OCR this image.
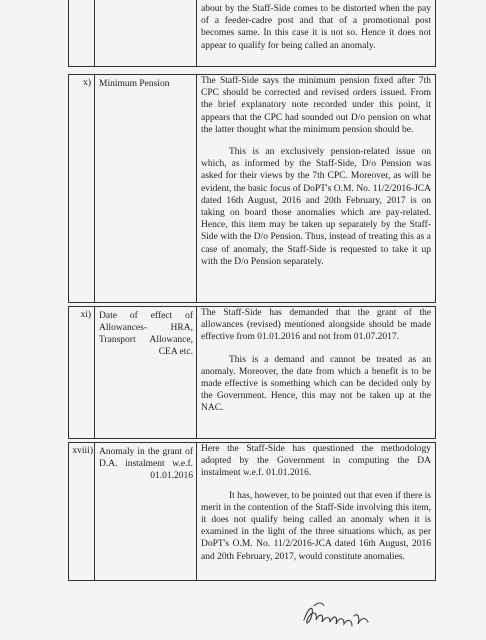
about by the Staff-Side comes to be distorted when the pay of a feeder-cadre post and that of a promotional post becomes same. In this case it is not so. Hence it does not appear to qualify for being called an anomaly.

x) Minimum Pension	The Staff-Side says the minimum pension fixed after 7th CPC should be corrected and revised orders issued. From the brief explanatory note recorded under this point, it appears that the CPC had sounded out D/o pension on what the latter thought what the minimum pension should be.

This is an exclusively pension-related issue on which, as informed by the Staff-Side, D/o Pension was asked for their views by the 7th CPC. Moreover, as will be evident, the basic focus of DoPT's O.M. No. 11/2/2016-JCA dated 16th August, 2016 and 20th February, 2017 is on taking on board those anomalies which are pay-related. Hence, this item may be taken up separately by the Staff-Side with the D/o Pension. Thus, instead of treating this as a case of anomaly, the Staff-Side is requested to take it up with the D/o Pension separately.

xi) Date of effect of Allowances- HRA, Transport Allowance, CEA etc.

The Staff-Side has demanded that the grant of the allowances (revised) mentioned alongside should be made effective from 01.01.2016 and not from 01.07.2017.

This is a demand and cannot be treated as an anomaly. Moreover, the date from which a benefit is to be made effective is something which can be decided only by the Government. Hence, this may not be taken up at the NAC.

xviii) Anomaly in the grant of D.A. instalment w.e.f. 01.01.2016

Here the Staff-Side has questioned the methodology adopted by the Government in computing the DA instalment w.e.f. 01.01.2016.

It has, however, to be pointed out that even if there is merit in the contention of the Staff-Side involving this item, it does not qualify being called an anomaly when it is examined in the light of the three situations which, as per DoPT's O.M. No. 11/2/2016-JCA dated 16th August, 2016 and 20th February, 2017, would constitute anomalies.
